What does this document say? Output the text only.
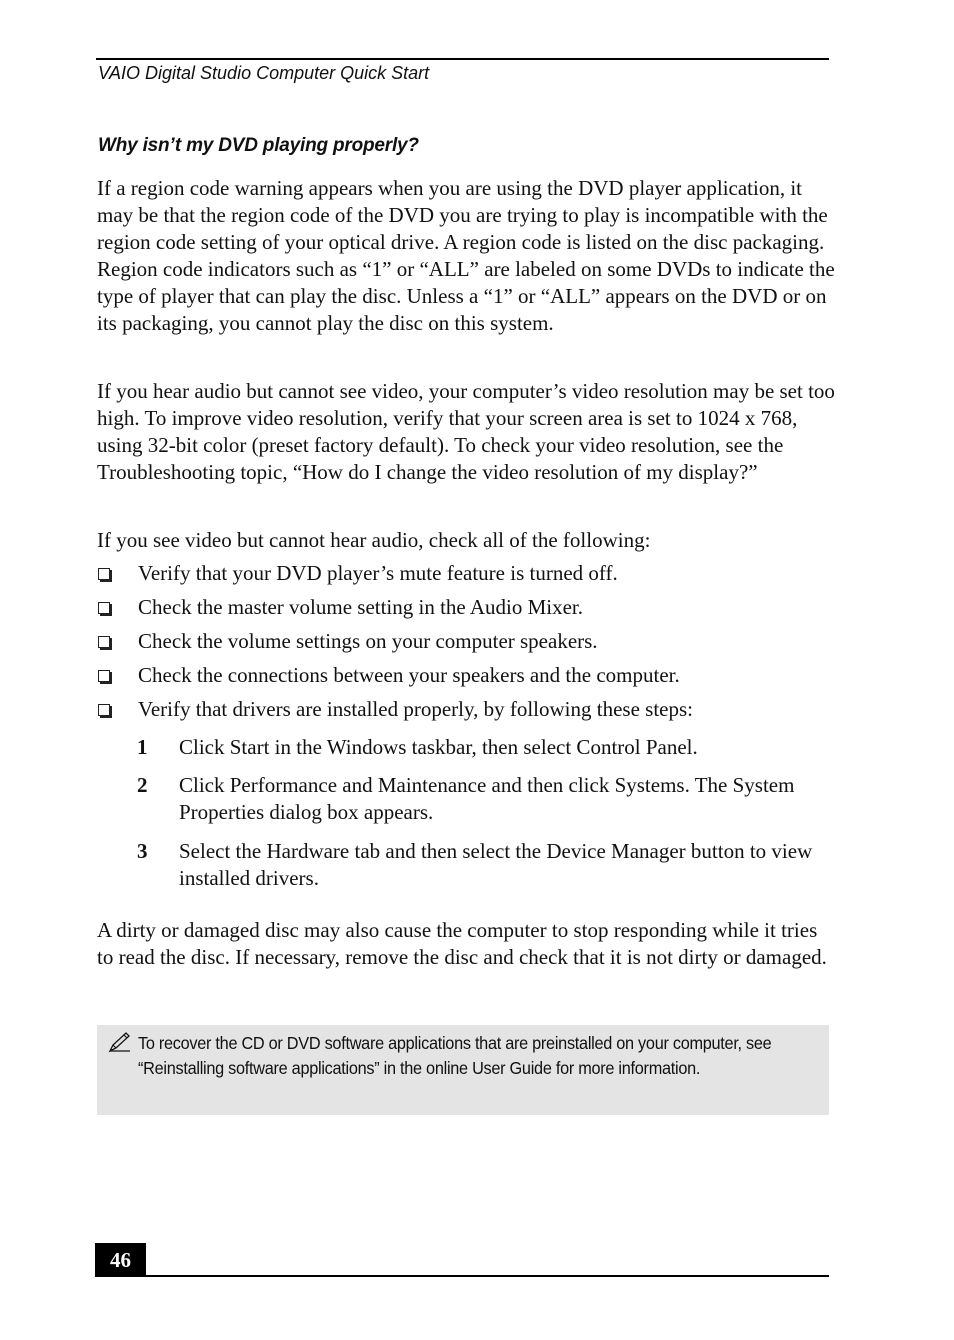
VAIO Digital Studio Computer Quick Start
Why isn’t my DVD playing properly?

If a region code warning appears when you are using the DVD player application, it may be that the region code of the DVD you are trying to play is incompatible with the region code setting of your optical drive. A region code is listed on the disc packaging. Region code indicators such as “1” or “ALL” are labeled on some DVDs to indicate the type of player that can play the disc. Unless a “1” or “ALL” appears on the DVD or on its packaging, you cannot play the disc on this system.

If you hear audio but cannot see video, your computer’s video resolution may be set too high. To improve video resolution, verify that your screen area is set to 1024 x 768, using 32-bit color (preset factory default). To check your video resolution, see the Troubleshooting topic, “How do I change the video resolution of my display?”

If you see video but cannot hear audio, check all of the following:

Verify that your DVD player’s mute feature is turned off.
Check the master volume setting in the Audio Mixer.
Check the volume settings on your computer speakers.
Check the connections between your speakers and the computer.
Verify that drivers are installed properly, by following these steps:
1 Click Start in the Windows taskbar, then select Control Panel.
2 Click Performance and Maintenance and then click Systems. The System Properties dialog box appears.
3 Select the Hardware tab and then select the Device Manager button to view installed drivers.

A dirty or damaged disc may also cause the computer to stop responding while it tries to read the disc. If necessary, remove the disc and check that it is not dirty or damaged.

To recover the CD or DVD software applications that are preinstalled on your computer, see “Reinstalling software applications” in the online User Guide for more information.
46
